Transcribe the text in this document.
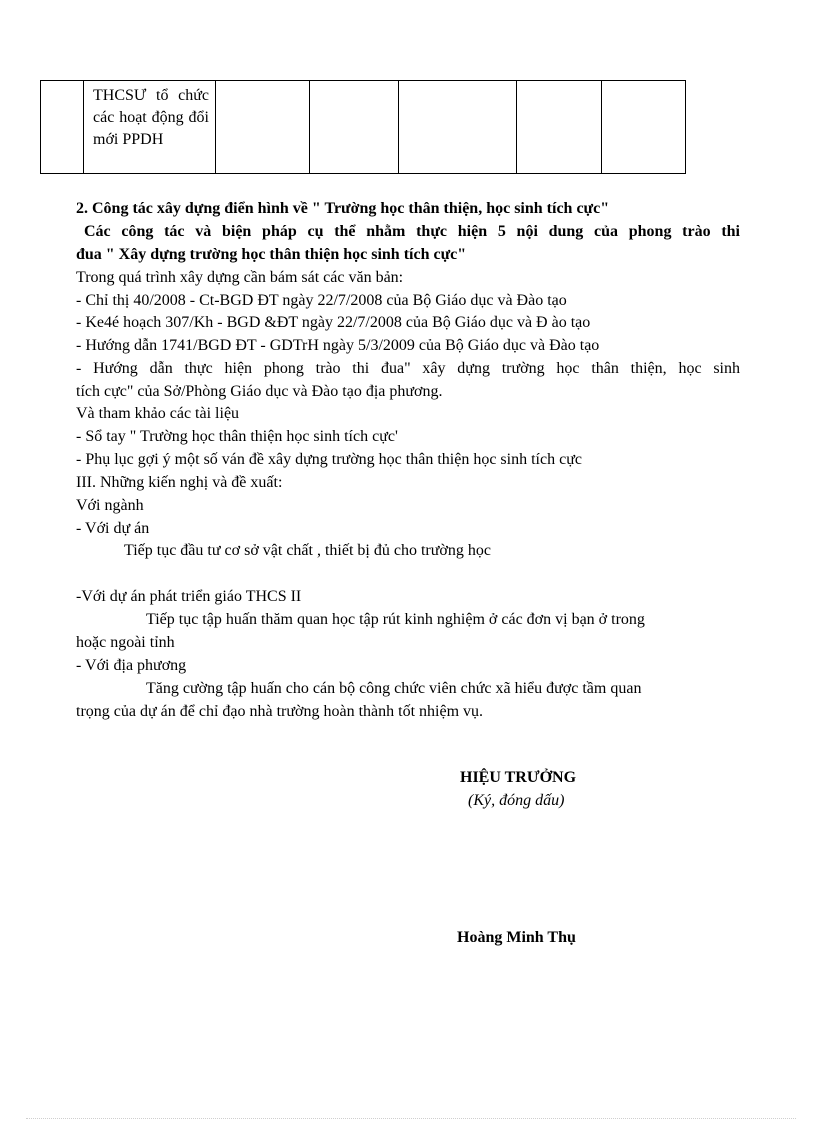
THCSƯ tổ chức các hoạt động đổi mới PPDH

2. Công tác xây dựng điển hình về " Trường học thân thiện, học sinh tích cực"
Các công tác và biện pháp cụ thể nhằm thực hiện 5 nội dung của phong trào thi
đua " Xây dựng trường học thân thiện học sinh tích cực"
Trong quá trình xây dựng cần bám sát các văn bản:
- Chỉ thị 40/2008 - Ct-BGD ĐT ngày 22/7/2008 của Bộ Giáo dục và Đào tạo
- Ke4é hoạch 307/Kh - BGD &ĐT ngày 22/7/2008 của Bộ Giáo dục và Đ ào tạo
- Hướng dẫn 1741/BGD ĐT - GDTrH ngày 5/3/2009 của Bộ Giáo dục và Đào tạo
- Hướng dẫn thực hiện phong trào thi đua" xây dựng trường học thân thiện, học sinh
tích cực" của Sở/Phòng Giáo dục và Đào tạo địa phương.
Và tham khảo các tài liệu
- Sổ tay " Trường học thân thiện học sinh tích cực'
- Phụ lục gợi ý một số ván đề xây dựng trường học thân thiện học sinh tích cực
III. Những kiến nghị và đề xuất:
Với ngành
- Với dự án
Tiếp tục đầu tư cơ sở vật chất , thiết bị đủ cho trường học
-Với dự án phát triển giáo THCS II
Tiếp tục tập huấn thăm quan học tập rút kinh nghiệm ở các đơn vị bạn ở trong
hoặc ngoài tỉnh
- Với địa phương
Tăng cường tập huấn cho cán bộ công chức viên chức xã hiểu được tầm quan
trọng của dự án để chỉ đạo nhà trường hoàn thành tốt nhiệm vụ.
HIỆU TRƯỞNG
(Ký, đóng dấu)
Hoàng Minh Thụ
